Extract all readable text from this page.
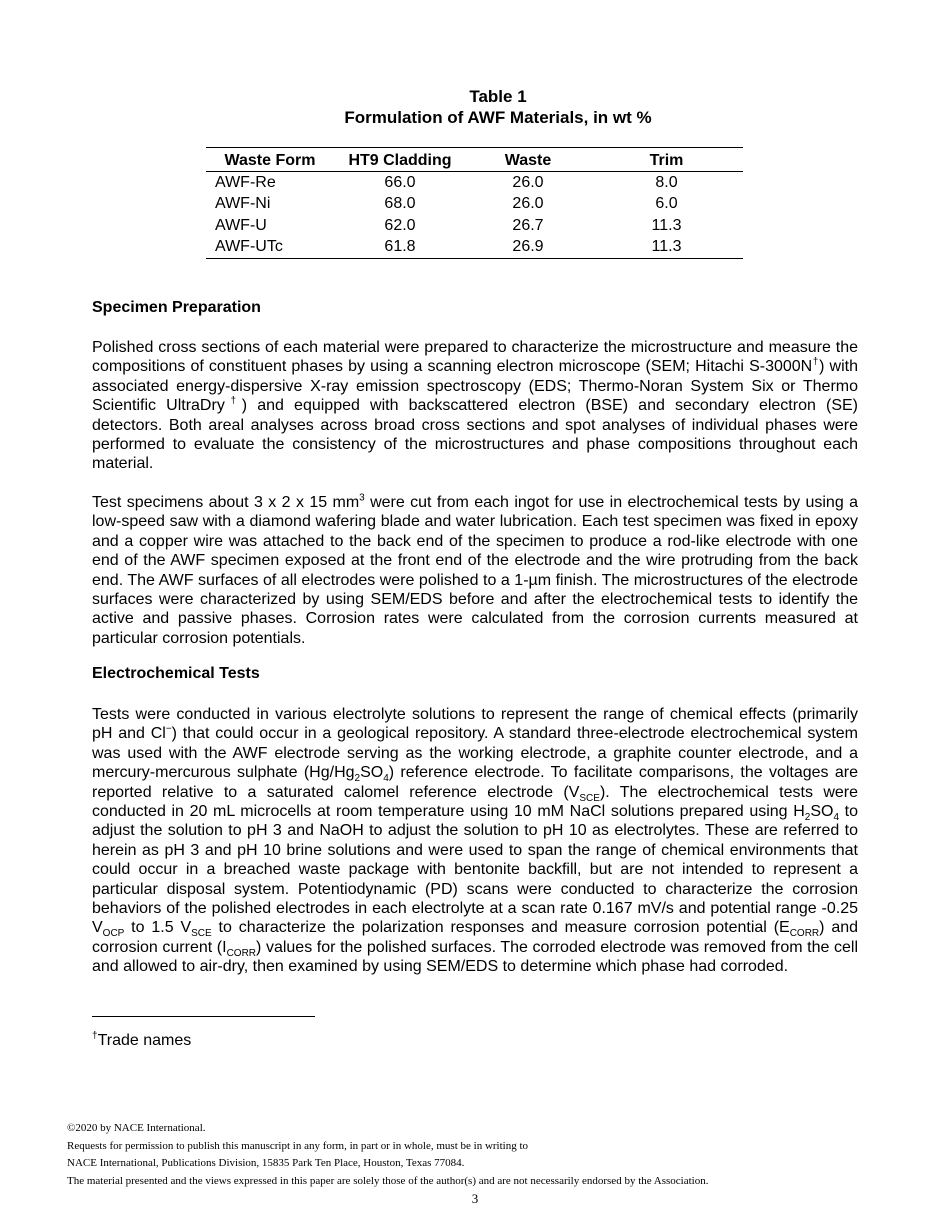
Table 1
Formulation of AWF Materials, in wt %
Waste Form	HT9 Cladding	Waste	Trim
AWF-Re	66.0	26.0	8.0
AWF-Ni	68.0	26.0	6.0
AWF-U	62.0	26.7	11.3
AWF-UTc	61.8	26.9	11.3
Specimen Preparation
Polished cross sections of each material were prepared to characterize the microstructure and measure the compositions of constituent phases by using a scanning electron microscope (SEM; Hitachi S-3000N†) with associated energy-dispersive X-ray emission spectroscopy (EDS; Thermo-Noran System Six or Thermo Scientific UltraDry†) and equipped with backscattered electron (BSE) and secondary electron (SE) detectors. Both areal analyses across broad cross sections and spot analyses of individual phases were performed to evaluate the consistency of the microstructures and phase compositions throughout each material.
Test specimens about 3 x 2 x 15 $mm^3$ were cut from each ingot for use in electrochemical tests by using a low-speed saw with a diamond wafering blade and water lubrication. Each test specimen was fixed in epoxy and a copper wire was attached to the back end of the specimen to produce a rod-like electrode with one end of the AWF specimen exposed at the front end of the electrode and the wire protruding from the back end. The AWF surfaces of all electrodes were polished to a 1-µm finish. The microstructures of the electrode surfaces were characterized by using SEM/EDS before and after the electrochemical tests to identify the active and passive phases. Corrosion rates were calculated from the corrosion currents measured at particular corrosion potentials.
Electrochemical Tests
Tests were conducted in various electrolyte solutions to represent the range of chemical effects (primarily pH and Cl−) that could occur in a geological repository. A standard three-electrode electrochemical system was used with the AWF electrode serving as the working electrode, a graphite counter electrode, and a mercury-mercurous sulphate $(Hg/Hg_2SO_4)$ reference electrode. To facilitate comparisons, the voltages are reported relative to a saturated calomel reference electrode $(V_{SCE})$. The electrochemical tests were conducted in 20 mL microcells at room temperature using 10 mM NaCl solutions prepared using $H_2SO_4$ to adjust the solution to pH 3 and NaOH to adjust the solution to pH 10 as electrolytes. These are referred to herein as pH 3 and pH 10 brine solutions and were used to span the range of chemical environments that could occur in a breached waste package with bentonite backfill, but are not intended to represent a particular disposal system. Potentiodynamic (PD) scans were conducted to characterize the corrosion behaviors of the polished electrodes in each electrolyte at a scan rate 0.167 mV/s and potential range -0.25 $V_{OCP}$ to 1.5 $V_{SCE}$ to characterize the polarization responses and measure corrosion potential $(E_{CORR})$ and corrosion current $(I_{CORR})$ values for the polished surfaces. The corroded electrode was removed from the cell and allowed to air-dry, then examined by using SEM/EDS to determine which phase had corroded.
†Trade names
©2020 by NACE International.
Requests for permission to publish this manuscript in any form, in part or in whole, must be in writing to
NACE International, Publications Division, 15835 Park Ten Place, Houston, Texas 77084.
The material presented and the views expressed in this paper are solely those of the author(s) and are not necessarily endorsed by the Association.
3
